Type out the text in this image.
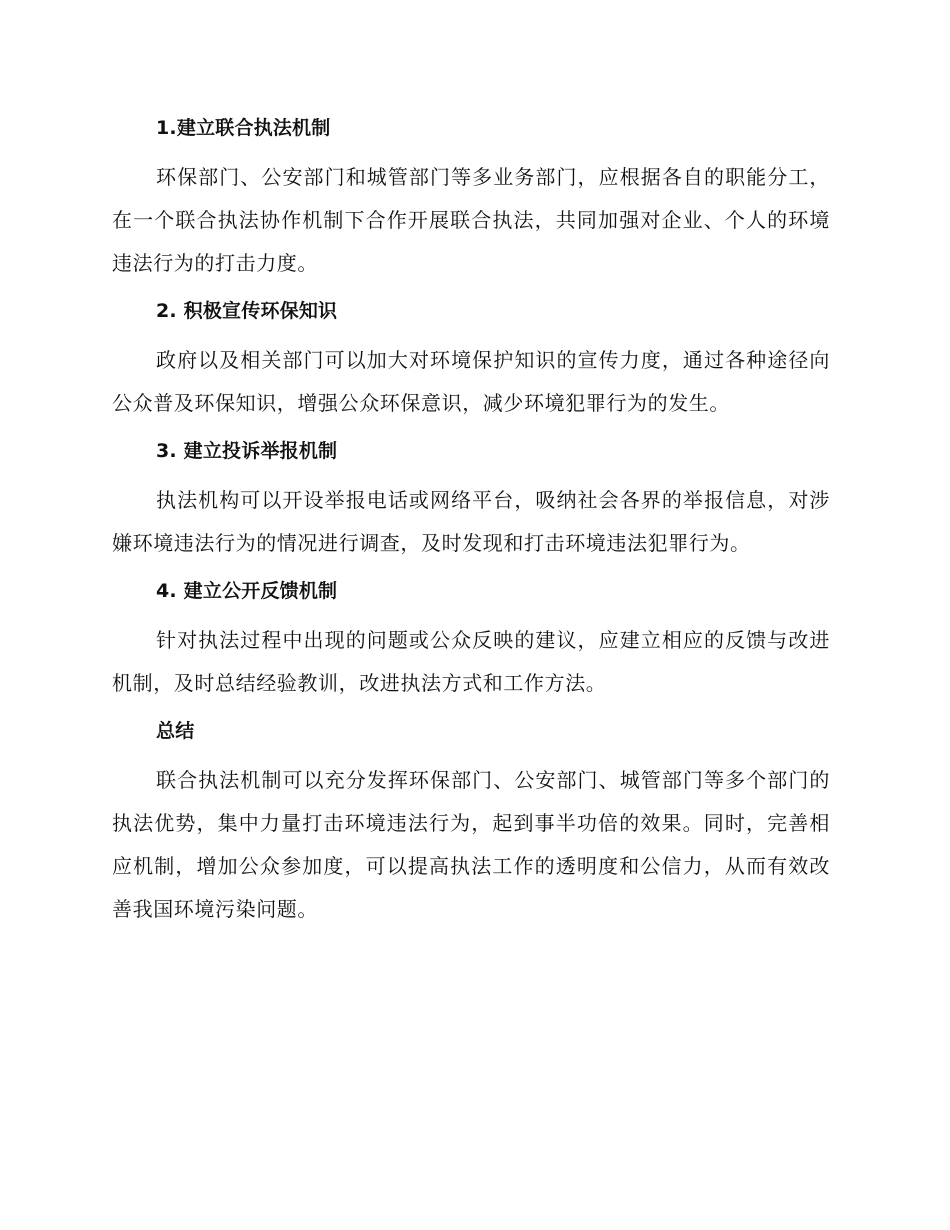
1.建立联合执法机制

环保部门、公安部门和城管部门等多业务部门，应根据各自的职能分工，在一个联合执法协作机制下合作开展联合执法，共同加强对企业、个人的环境违法行为的打击力度。

2. 积极宣传环保知识

政府以及相关部门可以加大对环境保护知识的宣传力度，通过各种途径向公众普及环保知识，增强公众环保意识，减少环境犯罪行为的发生。

3. 建立投诉举报机制

执法机构可以开设举报电话或网络平台，吸纳社会各界的举报信息，对涉嫌环境违法行为的情况进行调查，及时发现和打击环境违法犯罪行为。

4. 建立公开反馈机制

针对执法过程中出现的问题或公众反映的建议，应建立相应的反馈与改进机制，及时总结经验教训，改进执法方式和工作方法。

总结

联合执法机制可以充分发挥环保部门、公安部门、城管部门等多个部门的执法优势，集中力量打击环境违法行为，起到事半功倍的效果。同时，完善相应机制，增加公众参加度，可以提高执法工作的透明度和公信力，从而有效改善我国环境污染问题。
